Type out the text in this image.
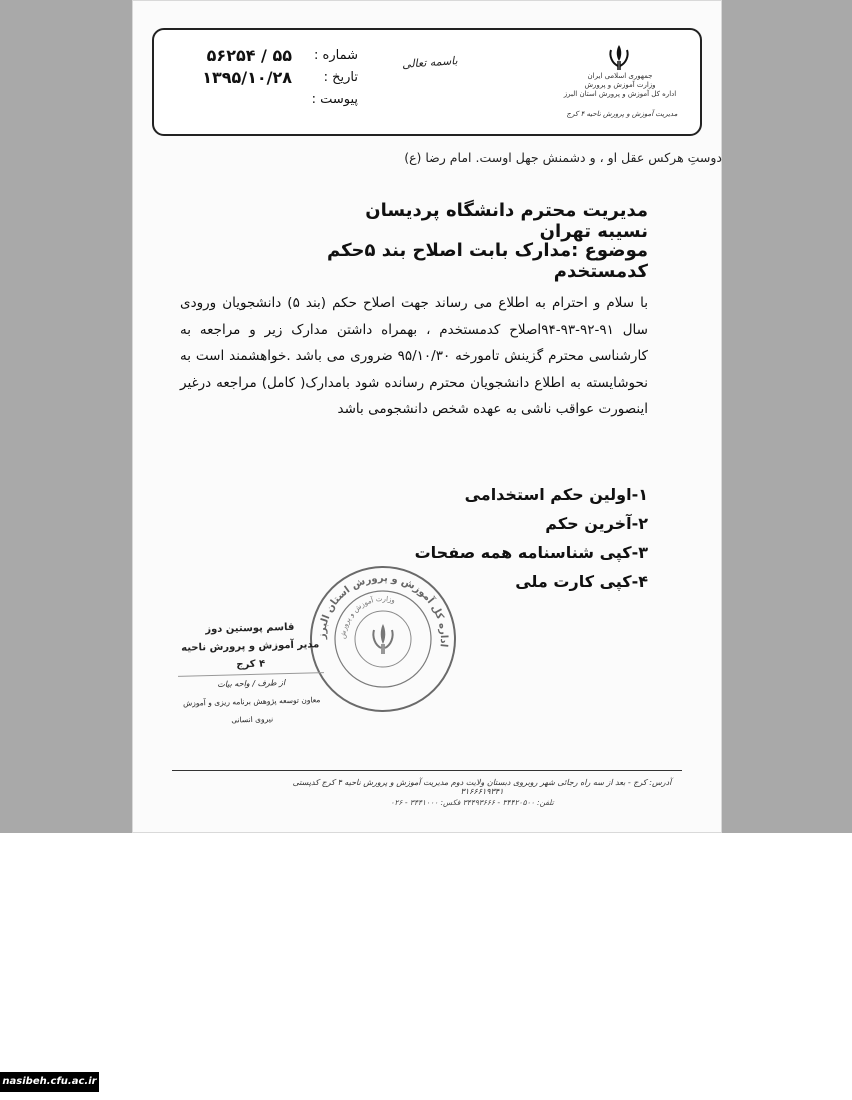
شماره :
۵۶۲۵۴ / ۵۵
تاریخ :
۱۳۹۵/۱۰/۲۸
پیوست :
باسمه تعالی
جمهوری اسلامی ایران
وزارت آموزش و پرورش
اداره کل آموزش و پرورش استان البرز
مدیریت آموزش و پرورش ناحیه ۴ کرج
دوستِ هرکس عقل او ، و دشمنش جهل اوست. امام رضا (ع)
مدیریت محترم دانشگاه پردیسان نسیبه تهران
موضوع :مدارک بابت اصلاح بند ۵حکم کدمستخدم
با سلام و احترام به اطلاع می رساند جهت اصلاح حکم (بند ۵) دانشجویان ورودی سال ۹۱-۹۲-۹۳-۹۴اصلاح کدمستخدم ، بهمراه داشتن مدارک زیر و مراجعه به کارشناسی محترم گزینش تامورخه ۹۵/۱۰/۳۰ ضروری می باشد .خواهشمند است به نحوشایسته به اطلاع دانشجویان محترم رسانده شود بامدارک( کامل) مراجعه درغیر اینصورت عواقب ناشی به عهده شخص دانشجومی باشد
۱-اولین حکم استخدامی
۲-آخرین حکم
۳-کپی شناسنامه همه صفحات
۴-کپی کارت ملی
اداره کل آموزش و پرورش استان البرز
وزارت آموزش و پرورش
قاسم پوستین دوز
مدیر آموزش و پرورش ناحیه ۴ کرج
از طرف / واحه بیات
معاون توسعه پژوهش برنامه ریزی و آموزش نیروی انسانی
آدرس: کرج - بعد از سه راه رجائی شهر روبروی دبستان ولایت دوم مدیریت آموزش و پرورش ناحیه ۴ کرج کدپستی ۳۱۶۶۶۱۹۳۴۱
تلفن: ۳۴۴۲۰۵۰۰ - ۳۴۴۹۳۶۶۶ فکس: ۳۴۴۱۰۰۰ - ۰۲۶
nasibeh.cfu.ac.ir
